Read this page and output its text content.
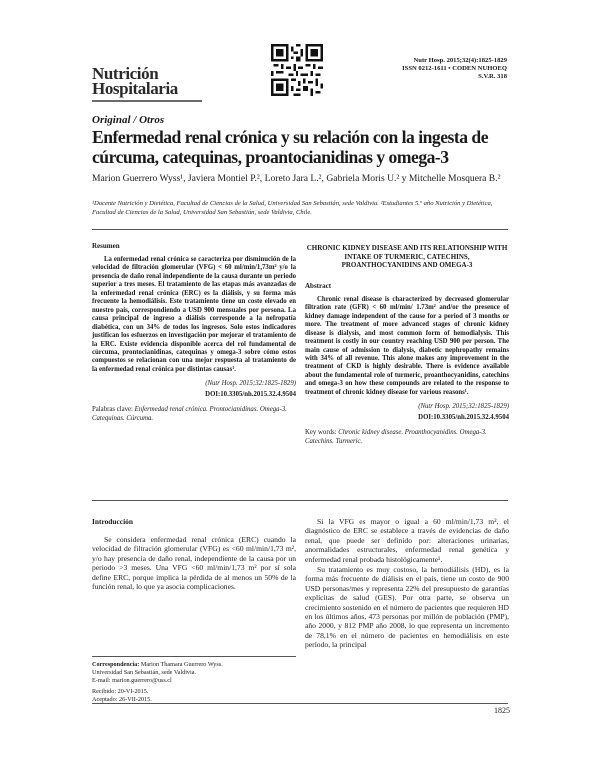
Nutrición
Hospitalaria
Nutr Hosp. 2015;32(4):1825-1829
ISSN 0212-1611 • CODEN NUHOEQ
S.V.R. 318
Original / Otros
Enfermedad renal crónica y su relación con la ingesta de cúrcuma, catequinas, proantocianidinas y omega-3
Marion Guerrero Wyss¹, Javiera Montiel P.², Loreto Jara L.², Gabriela Moris U.² y Mitchelle Mosquera B.²
¹Docente Nutrición y Dietética, Facultad de Ciencias de la Salud, Universidad San Sebastián, sede Valdivia. ²Estudiantes 5.º año Nutrición y Dietética, Facultad de Ciencias de la Salud, Universidad San Sebastián, sede Valdivia, Chile.
Resumen
La enfermedad renal crónica se caracteriza por disminución de la velocidad de filtración glomerular (VFG) < 60 ml/min/1,73m² y/o la presencia de daño renal independiente de la causa durante un periodo superior a tres meses. El tratamiento de las etapas más avanzadas de la enfermedad renal crónica (ERC) es la diálisis, y su forma más frecuente la hemodiálisis. Este tratamiento tiene un coste elevado en nuestro país, correspondiendo a USD 900 mensuales por persona. La causa principal de ingreso a diálisis corresponde a la nefropatía diabética, con un 34% de todos los ingresos. Solo estos indicadores justifican los esfuerzos en investigación por mejorar el tratamiento de la ERC. Existe evidencia disponible acerca del rol fundamental de cúrcuma, prontocianidinas, catequinas y omega-3 sobre cómo estos compuestos se relacionan con una mejor respuesta al tratamiento de la enfermedad renal crónica por distintas causas¹.
(Nutr Hosp. 2015;32:1825-1829)
DOI:10.3305/nh.2015.32.4.9504
Palabras clave: Enfermedad renal crónica. Prontocianidinas. Omega-3. Catequinas. Cúrcuma.
CHRONIC KIDNEY DISEASE AND ITS RELATIONSHIP WITH INTAKE OF TURMERIC, CATECHINS, PROANTHOCYANIDINS AND OMEGA-3
Abstract
Chronic renal disease is characterized by decreased glomerular filtration rate (GFR) < 60 ml/min/ 1.73m² and/or the presence of kidney damage independent of the cause for a period of 3 months or more. The treatment of more advanced stages of chronic kidney disease is dialysis, and most common form of hemodialysis. This treatment is costly in our country reaching USD 900 per person. The main cause of admission to dialysis, diabetic nephropathy remains with 34% of all revenue. This alone makes any improvement in the treatment of CKD is highly desirable. There is evidence available about the fundamental role of turmeric, proanthocyanidins, catechins and omega-3 on how these compounds are related to the response to treatment of chronic kidney disease for various reasons¹.
(Nutr Hosp. 2015;32:1825-1829)
DOI:10.3305/nh.2015.32.4.9504
Key words: Chronic kidney disease. Proanthocyanidins. Omega-3. Catechins. Turmeric.
Introducción

Se considera enfermedad renal crónica (ERC) cuando la velocidad de filtración glomerular (VFG) es <60 ml/min/1,73 m², y/o hay presencia de daño renal, independiente de la causa por un periodo >3 meses. Una VFG <60 ml/min/1,73 m² por sí sola define ERC, porque implica la pérdida de al menos un 50% de la función renal, lo que ya asocia complicaciones.

Si la VFG es mayor o igual a 60 ml/min/1,73 m², el diagnóstico de ERC se establece a través de evidencias de daño renal, que puede ser definido por: alteraciones urinarias, anormalidades estructurales, enfermedad renal genética y enfermedad renal probada histológicamente¹.

Su tratamiento es muy costoso, la hemodiálisis (HD), es la forma más frecuente de diálisis en el país, tiene un costo de 900 USD personas/mes y representa 22% del presupuesto de garantías explícitas de salud (GES). Por otra parte, se observa un crecimiento sostenido en el número de pacientes que requieren HD en los últimos años, 473 personas por millón de población (PMP), año 2000, y 812 PMP año 2008, lo que representa un incremento de 78,1% en el número de pacientes en hemodiálisis en este período, la principal

Correspondencia: Marion Thamara Guerrero Wyss.

Universidad San Sebastián, sede Valdivia.

E-mail: marion.guerrero@uss.cl

Recibido: 20-VI-2015.

Aceptado: 26-VII-2015.

1825
